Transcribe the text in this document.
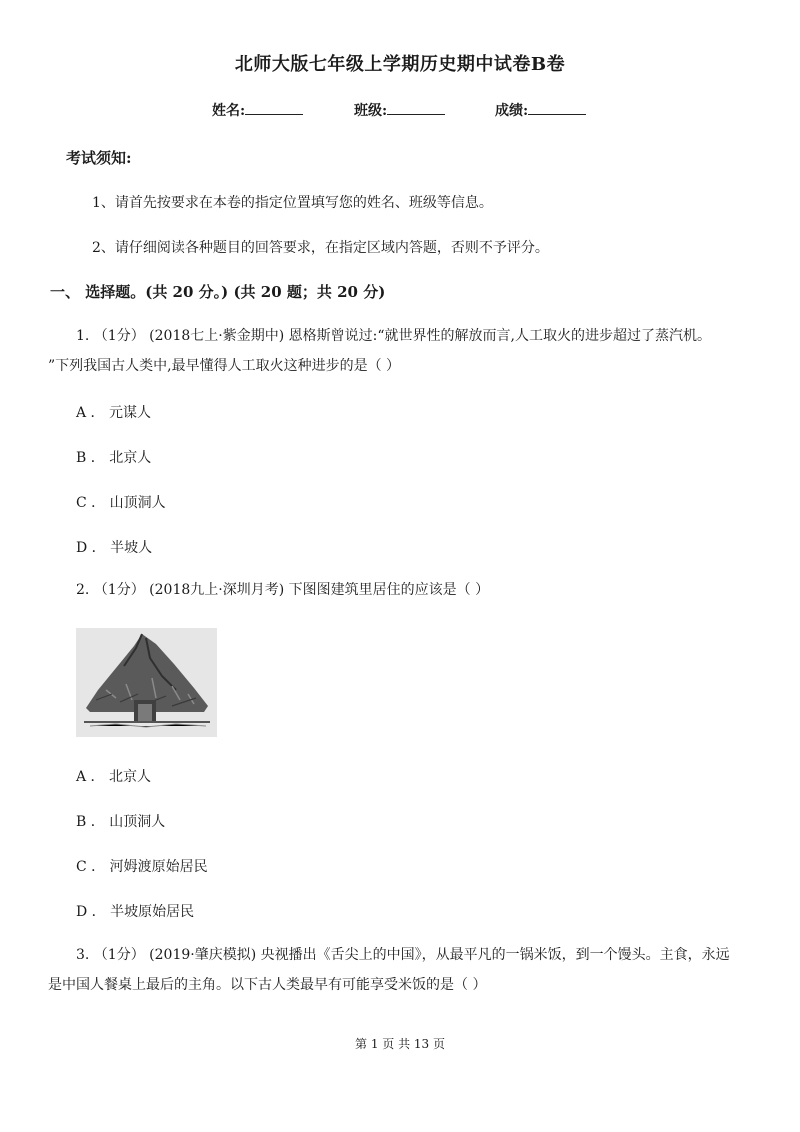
北师大版七年级上学期历史期中试卷B卷
姓名:	班级:	成绩:
考试须知:
1、请首先按要求在本卷的指定位置填写您的姓名、班级等信息。
2、请仔细阅读各种题目的回答要求，在指定区域内答题，否则不予评分。
一、 选择题。(共 20 分。) (共 20 题；共 20 分)
1. （1分） (2018七上·紫金期中) 恩格斯曾说过:“就世界性的解放而言,人工取火的进步超过了蒸汽机。
”下列我国古人类中,最早懂得人工取火这种进步的是（ ）
A ． 元谋人
B ． 北京人
C ． 山顶洞人
D ． 半坡人
2. （1分） (2018九上·深圳月考) 下图图建筑里居住的应该是（ ）
A ． 北京人
B ． 山顶洞人
C ． 河姆渡原始居民
D ． 半坡原始居民
3. （1分） (2019·肇庆模拟) 央视播出《舌尖上的中国》，从最平凡的一锅米饭，到一个馒头。主食，永远
是中国人餐桌上最后的主角。以下古人类最早有可能享受米饭的是（ ）
第 1 页 共 13 页
